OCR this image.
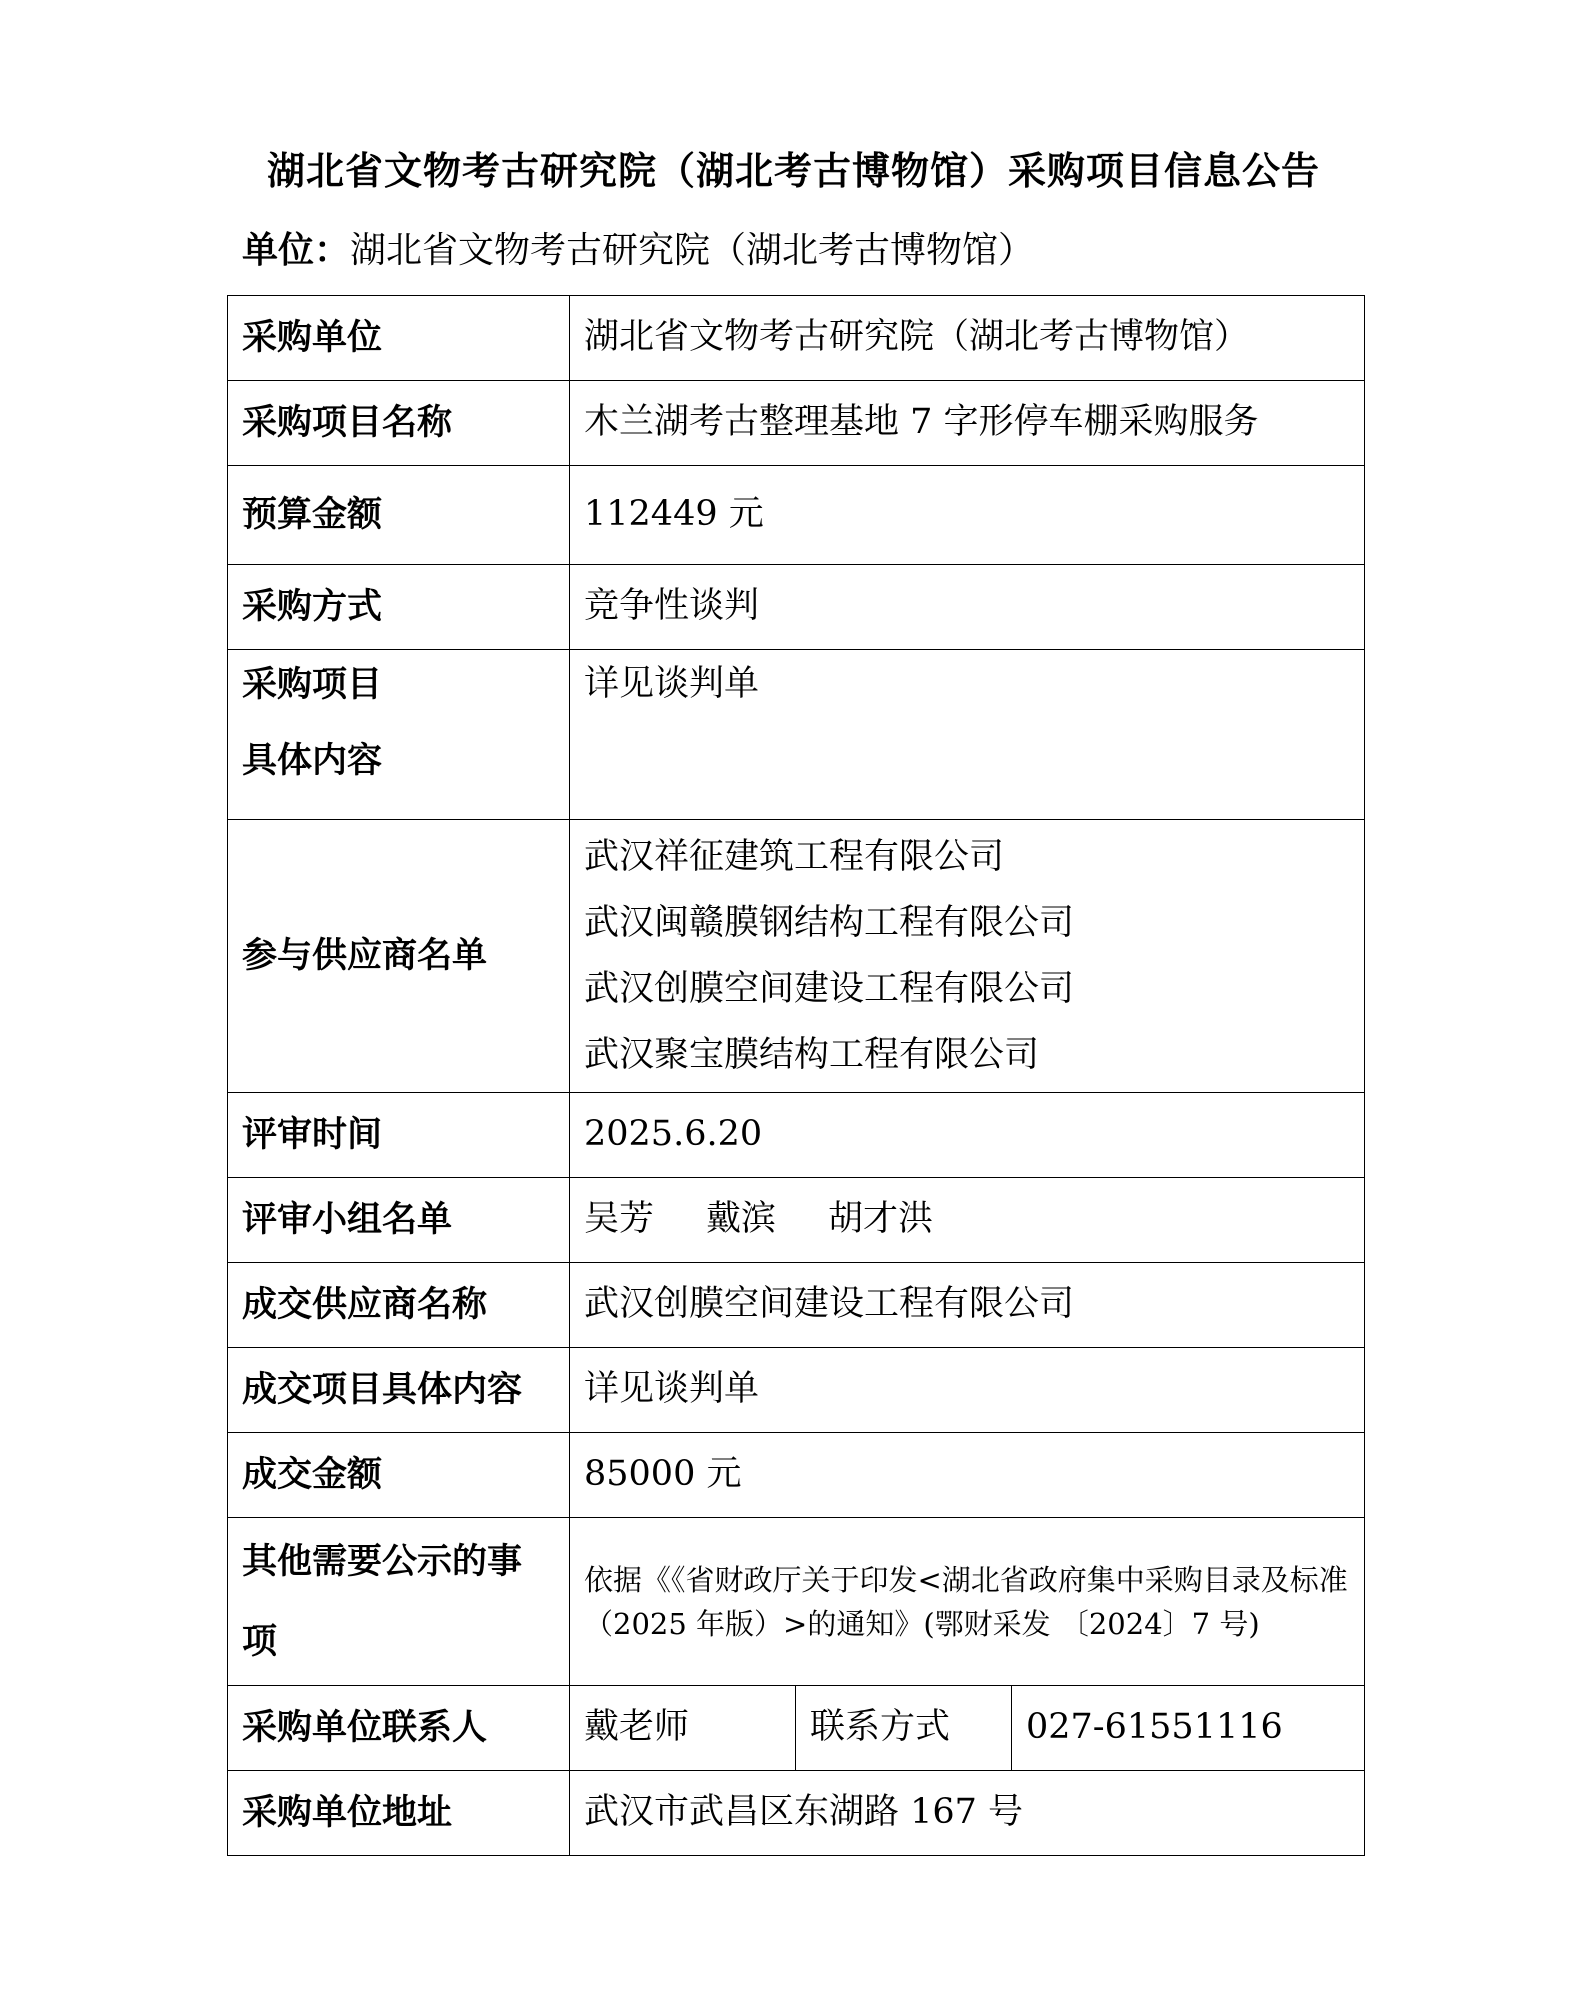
湖北省文物考古研究院（湖北考古博物馆）采购项目信息公告
单位：湖北省文物考古研究院（湖北考古博物馆）
采购单位	湖北省文物考古研究院（湖北考古博物馆）		
采购项目名称	木兰湖考古整理基地 7 字形停车棚采购服务		
预算金额	112449 元		
采购方式	竞争性谈判		

采购项目
具体内容	详见谈判单		
参与供应商名单	武汉祥征建筑工程有限公司
武汉闽赣膜钢结构工程有限公司
武汉创膜空间建设工程有限公司
武汉聚宝膜结构工程有限公司		

评审时间	2025.6.20		
评审小组名单	吴芳 戴滨 胡才洪		
成交供应商名称	武汉创膜空间建设工程有限公司		
成交项目具体内容	详见谈判单		
成交金额	85000 元		

其他需要公示的事
项	依据《《省财政厅关于印发<湖北省政府集中采购目录及标准（2025 年版）>的通知》(鄂财采发 〔2024〕7 号)		
采购单位联系人	戴老师	联系方式	027-61551116
采购单位地址	武汉市武昌区东湖路 167 号		
